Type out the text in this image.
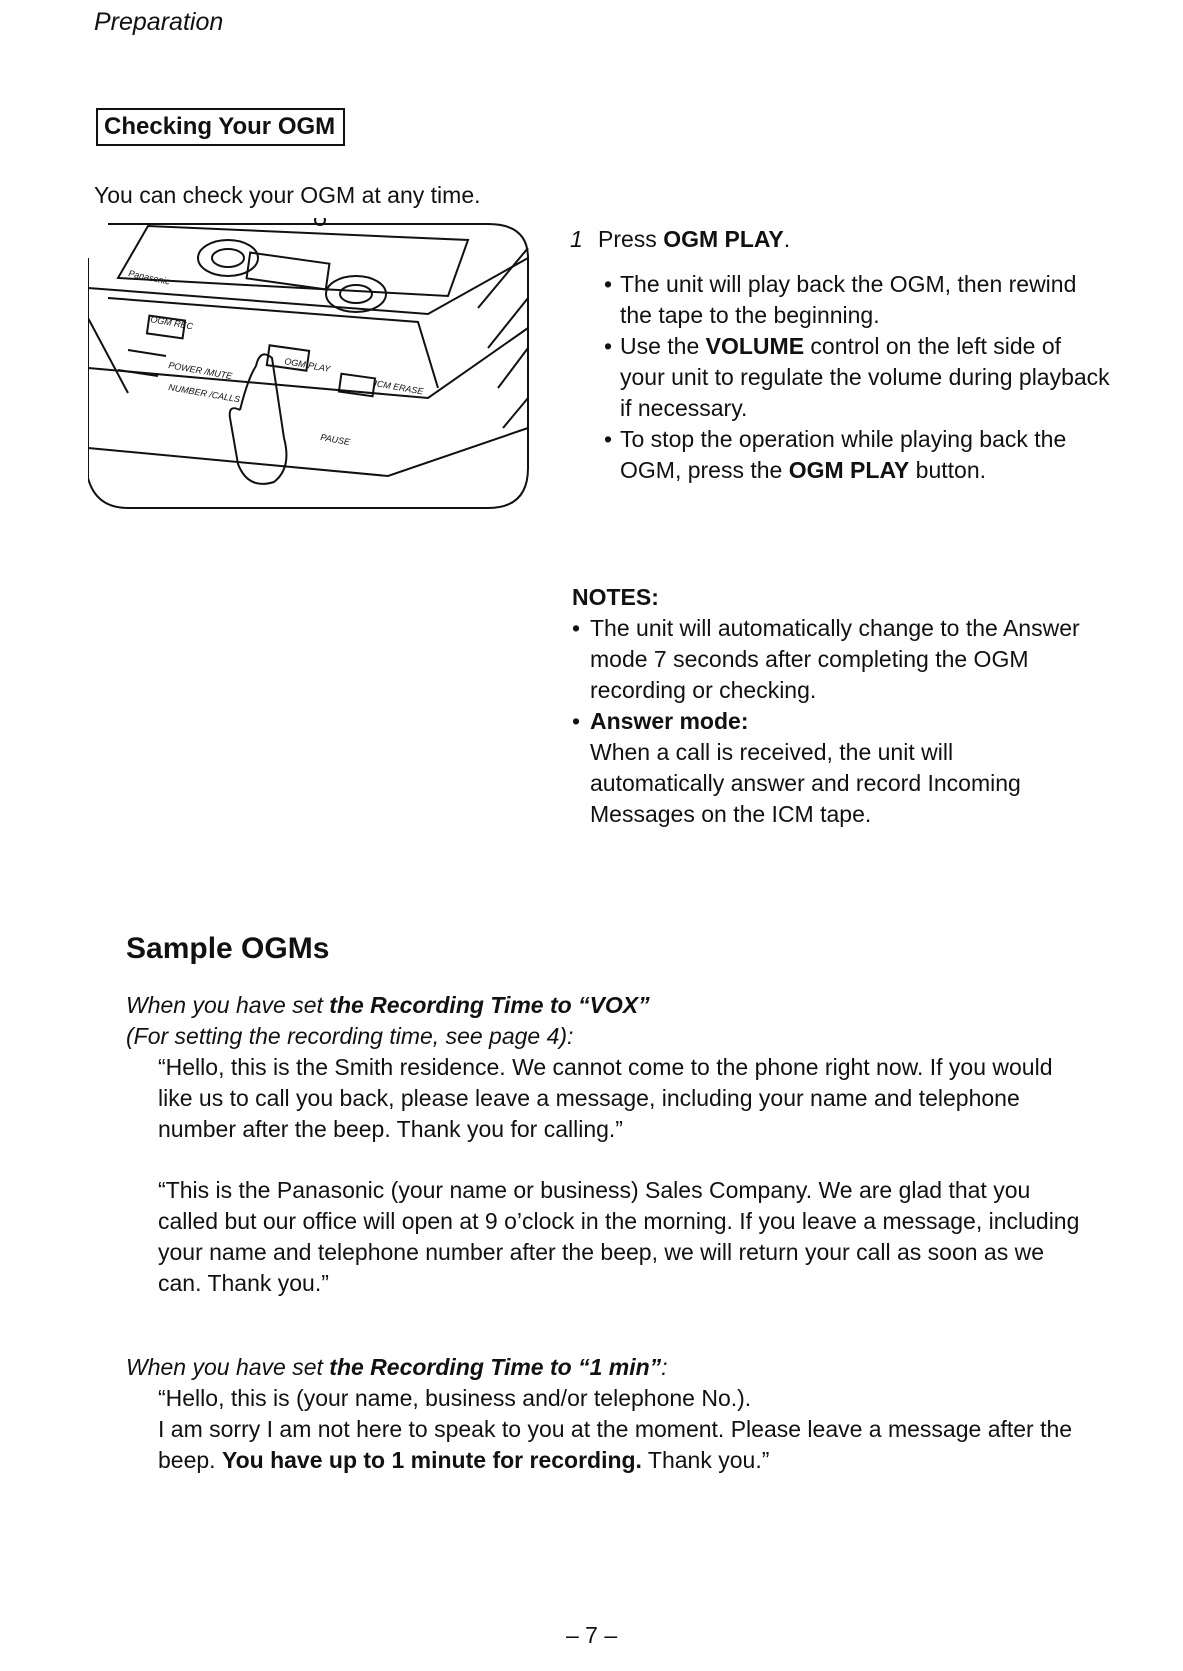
Preparation
Checking Your OGM
You can check your OGM at any time.
Panasonic
OGM PLAY
OGM REC
POWER /MUTE
NUMBER /CALLS	ICM ERASE
PAUSE
1 Press OGM PLAY.
• The unit will play back the OGM, then rewind the tape to the beginning.
• Use the VOLUME control on the left side of your unit to regulate the volume during playback if necessary.
• To stop the operation while playing back the OGM, press the OGM PLAY button.
NOTES:
• The unit will automatically change to the Answer mode 7 seconds after completing the OGM recording or checking.
• Answer mode:
When a call is received, the unit will automatically answer and record Incoming Messages on the ICM tape.
Sample OGMs
When you have set the Recording Time to “VOX”
(For setting the recording time, see page 4):
“Hello, this is the Smith residence. We cannot come to the phone right now. If you would like us to call you back, please leave a message, including your name and telephone number after the beep. Thank you for calling.”
“This is the Panasonic (your name or business) Sales Company. We are glad that you called but our office will open at 9 o’clock in the morning. If you leave a message, including your name and telephone number after the beep, we will return your call as soon as we can. Thank you.”
When you have set the Recording Time to “1 min”:
“Hello, this is (your name, business and/or telephone No.).
I am sorry I am not here to speak to you at the moment. Please leave a message after the beep. You have up to 1 minute for recording. Thank you.”
– 7 –
